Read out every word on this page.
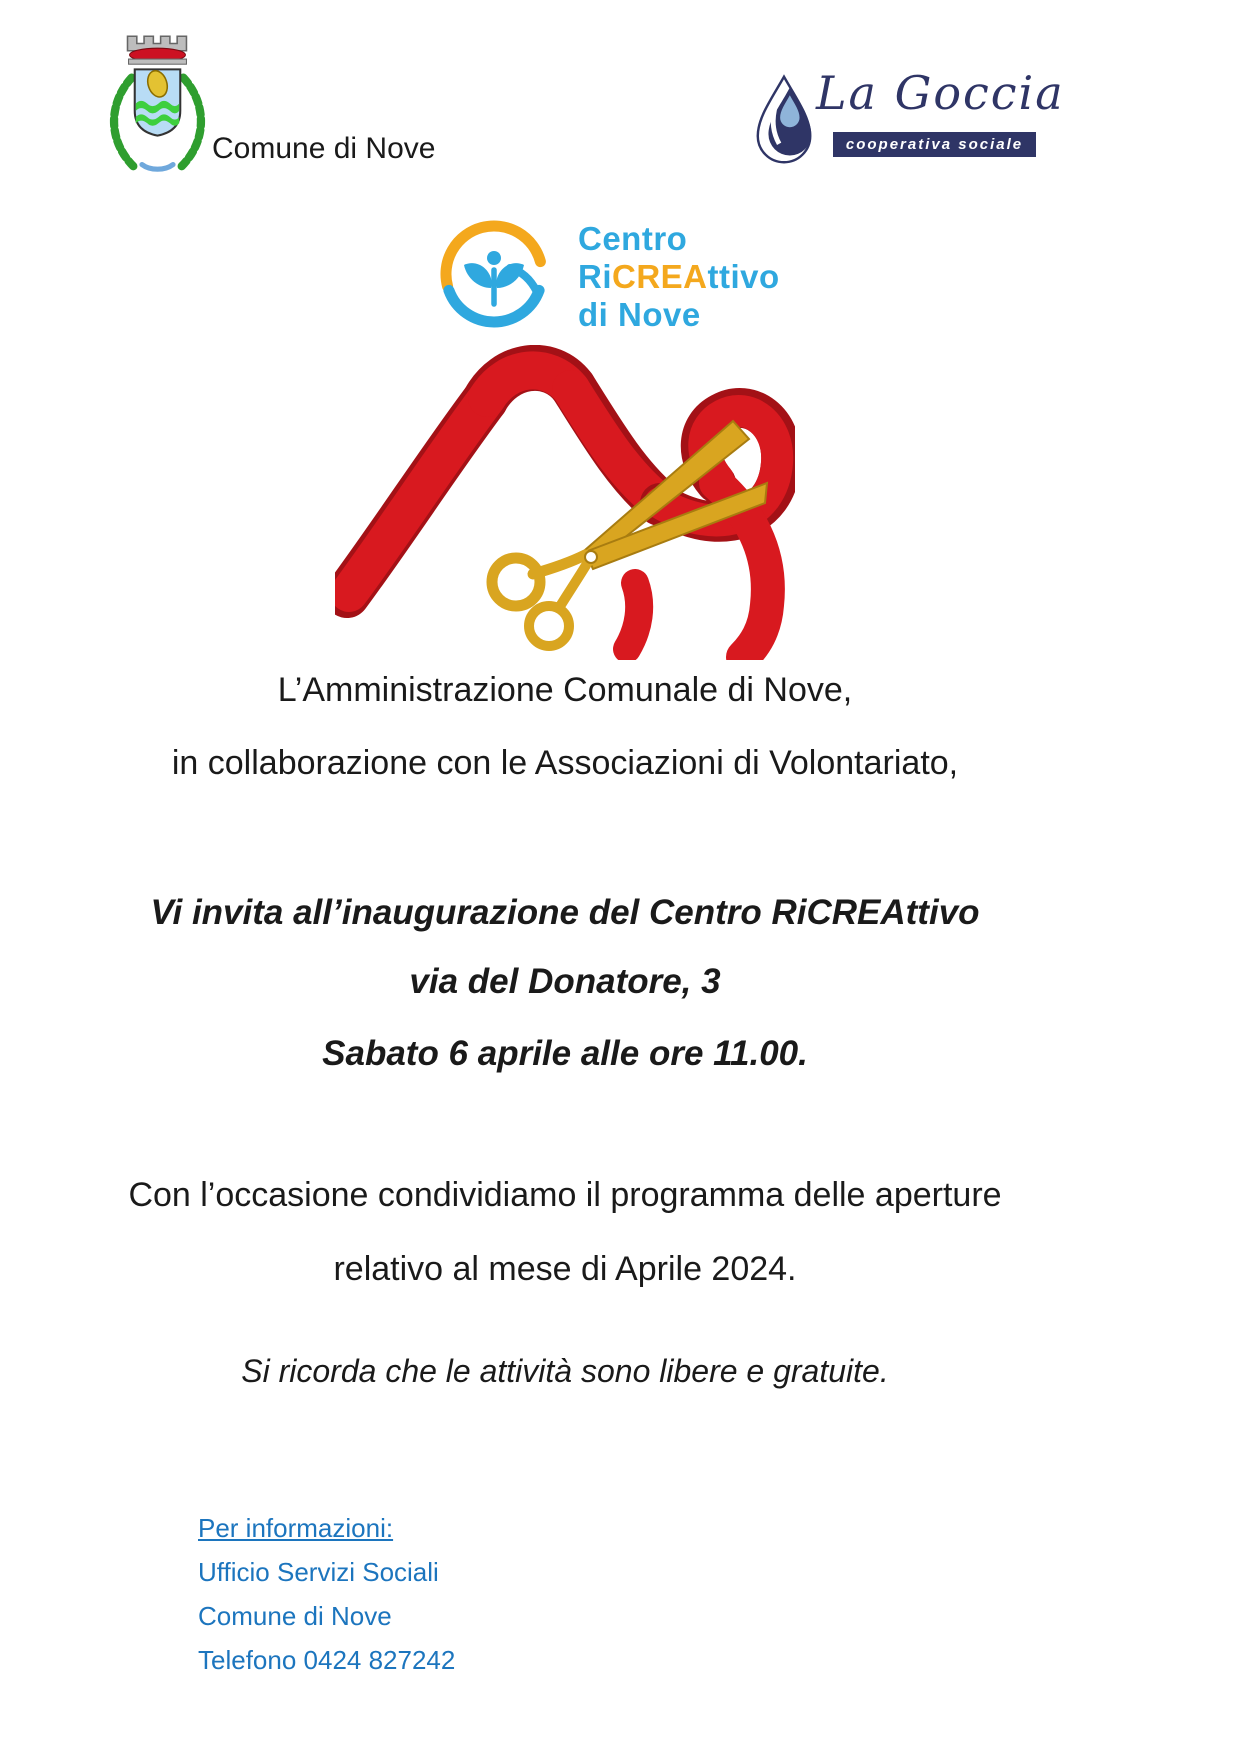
Comune di Nove
La Goccia
cooperativa sociale
Centro
RiCREAttivo
di Nove
L’Amministrazione Comunale di Nove,
in collaborazione con le Associazioni di Volontariato,
Vi invita all’inaugurazione del Centro RiCREAttivo
via del Donatore, 3
Sabato 6 aprile alle ore 11.00.
Con l’occasione condividiamo il programma delle aperture
relativo al mese di Aprile 2024.
Si ricorda che le attività sono libere e gratuite.
Per informazioni:
Ufficio Servizi Sociali
Comune di Nove
Telefono 0424 827242
